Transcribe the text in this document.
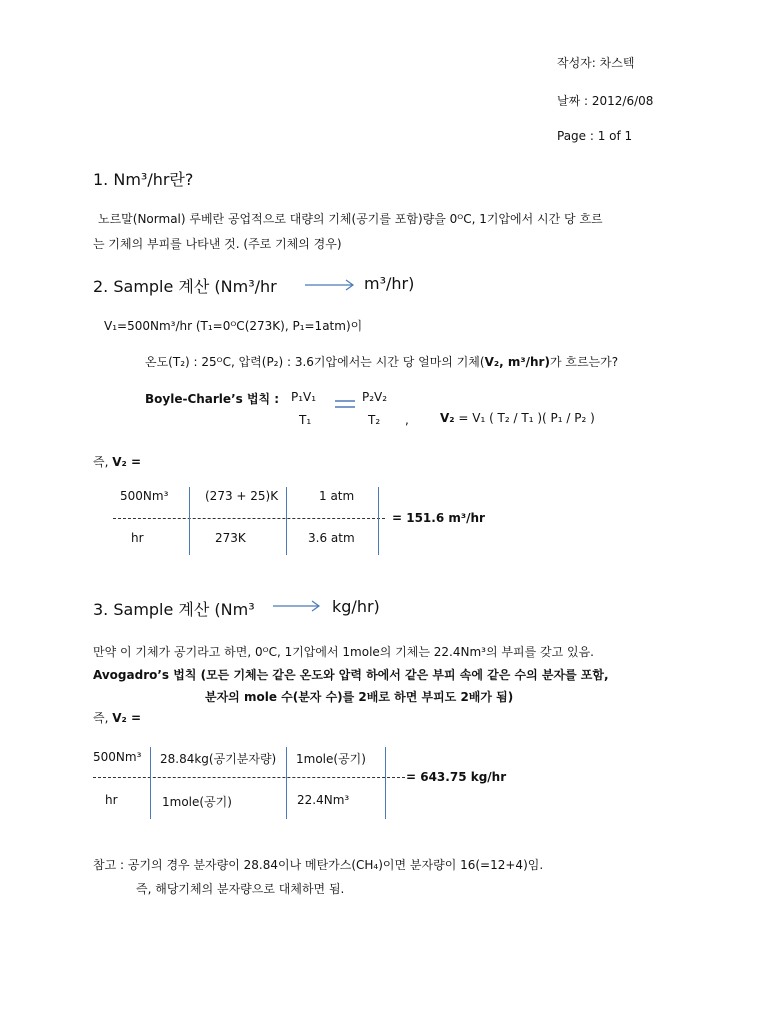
작성자: 차스텍
날짜 : 2012/6/08
Page : 1 of 1
1. Nm³/hr란?
노르말(Normal) 루베란 공업적으로 대량의 기체(공기를 포함)량을 0ᴼC, 1기압에서 시간 당 흐르
는 기체의 부피를 나타낸 것. (주로 기체의 경우)
2. Sample 계산 (Nm³/hr	m³/hr)
V₁=500Nm³/hr (T₁=0ᴼC(273K), P₁=1atm)이
온도(T₂) : 25ᴼC, 압력(P₂) : 3.6기압에서는 시간 당 얼마의 기체(V₂, m³/hr)가 흐르는가?
Boyle-Charle’s 법칙 : P₁V₁
T₁
P₂V₂
T₂ ,	V₂ = V₁ ( T₂ / T₁ )( P₁ / P₂ )
즉, V₂ =
500Nm³	(273 + 25)K	1 atm
= 151.6 m³/hr
hr	273K	3.6 atm
3. Sample 계산 (Nm³	kg/hr)
만약 이 기체가 공기라고 하면, 0ᴼC, 1기압에서 1mole의 기체는 22.4Nm³의 부피를 갖고 있음.
Avogadro’s 법칙 (모든 기체는 같은 온도와 압력 하에서 같은 부피 속에 같은 수의 분자를 포함,
분자의 mole 수(분자 수)를 2배로 하면 부피도 2배가 됨)
즉, V₂ =
500Nm³ 28.84kg(공기분자량) 1mole(공기)
= 643.75 kg/hr
hr	1mole(공기)	22.4Nm³
참고 : 공기의 경우 분자량이 28.84이나 메탄가스(CH₄)이면 분자량이 16(=12+4)임.
즉, 해당기체의 분자량으로 대체하면 됨.
